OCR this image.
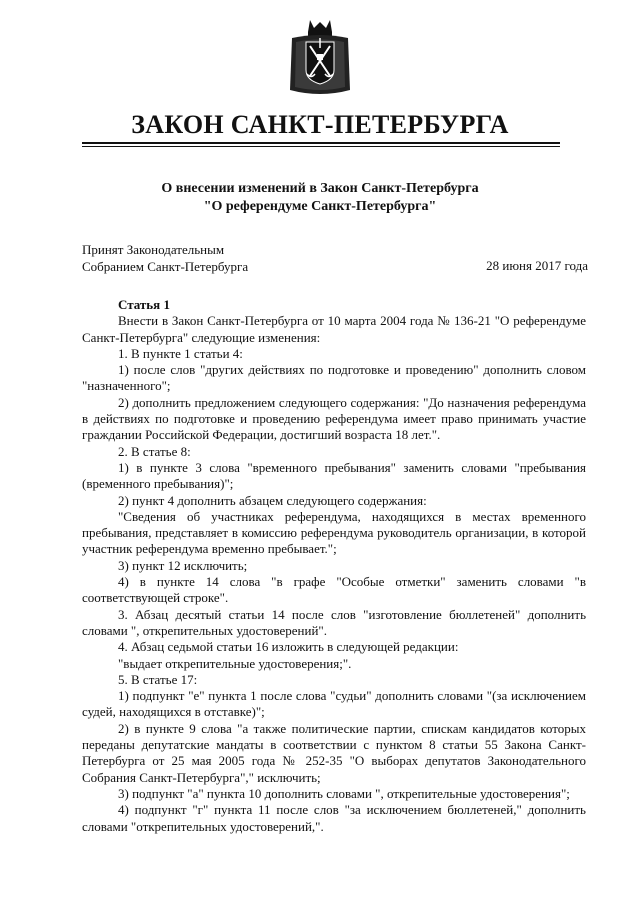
ЗАКОН САНКТ-ПЕТЕРБУРГА
О внесении изменений в Закон Санкт-Петербурга
"О референдуме Санкт-Петербурга"
Принят Законодательным
Собранием Санкт-Петербурга	28 июня 2017 года
Статья 1

Внести в Закон Санкт-Петербурга от 10 марта 2004 года № 136-21 "О референдуме Санкт-Петербурга" следующие изменения:

1. В пункте 1 статьи 4:

1) после слов "других действиях по подготовке и проведению" дополнить словом "назначенного";

2) дополнить предложением следующего содержания: "До назначения референдума в действиях по подготовке и проведению референдума имеет право принимать участие граждании Российской Федерации, достигший возраста 18 лет.".

2. В статье 8:

1) в пункте 3 слова "временного пребывания" заменить словами "пребывания (временного пребывания)";

2) пункт 4 дополнить абзацем следующего содержания:

"Сведения об участниках референдума, находящихся в местах временного пребывания, представляет в комиссию референдума руководитель организации, в которой участник референдума временно пребывает.";

3) пункт 12 исключить;

4) в пункте 14 слова "в графе "Особые отметки" заменить словами "в соответствующей строке".

3. Абзац десятый статьи 14 после слов "изготовление бюллетеней" дополнить словами ", открепительных удостоверений".

4. Абзац седьмой статьи 16 изложить в следующей редакции:

"выдает открепительные удостоверения;".

5. В статье 17:

1) подпункт "е" пункта 1 после слова "судьи" дополнить словами "(за исключением судей, находящихся в отставке)";

2) в пункте 9 слова "а также политические партии, спискам кандидатов которых переданы депутатские мандаты в соответствии с пунктом 8 статьи 55 Закона Санкт-Петербурга от 25 мая 2005 года № 252-35 "О выборах депутатов Законодательного Собрания Санкт-Петербурга"," исключить;

3) подпункт "а" пункта 10 дополнить словами ", открепительные удостоверения";

4) подпункт "г" пункта 11 после слов "за исключением бюллетеней," дополнить словами "открепительных удостоверений,".
